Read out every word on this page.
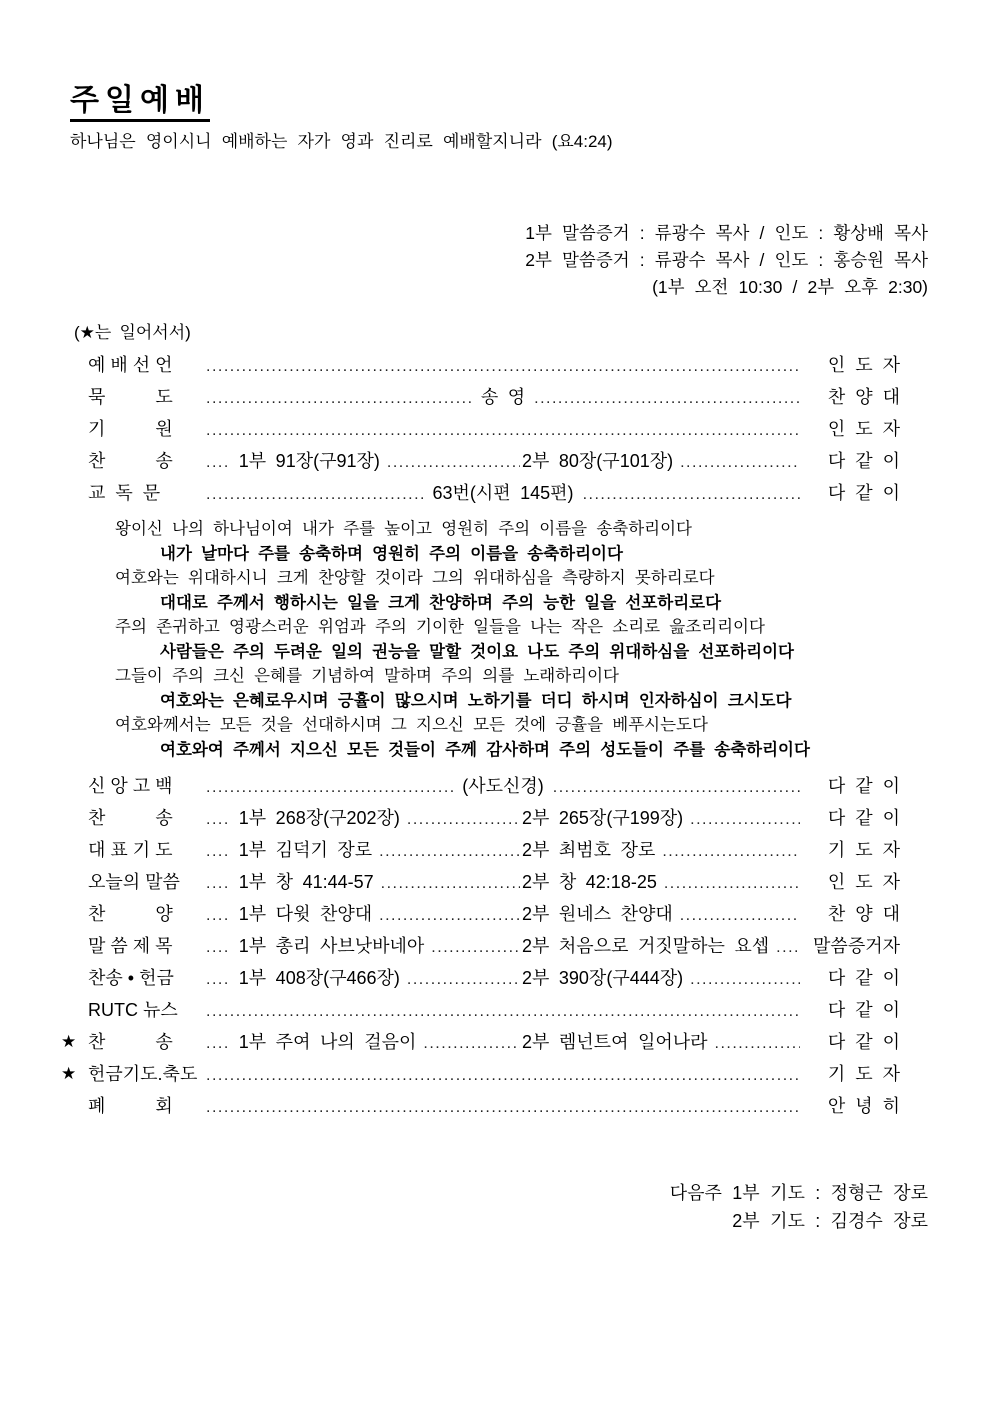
주일예배
하나님은 영이시니 예배하는 자가 영과 진리로 예배할지니라 (요4:24)
1부 말씀증거 : 류광수 목사 / 인도 : 황상배 목사
2부 말씀증거 : 류광수 목사 / 인도 : 홍승원 목사
(1부 오전 10:30 / 2부 오후 2:30)
(★는 일어서서)
예 배 선 언 .....	인  도  자
묵          도 .....	송 영 .....	찬  양  대
기          원 .....	인  도  자
찬          송	.... 1부 91장(구91장) .....	2부 80장(구101장) .....	다  같  이
교  독  문 .....	63번(시편 145편) .....	다  같  이
왕이신 나의 하나님이여 내가 주를 높이고 영원히 주의 이름을 송축하리이다
내가 날마다 주를 송축하며 영원히 주의 이름을 송축하리이다
여호와는 위대하시니 크게 찬양할 것이라 그의 위대하심을 측량하지 못하리로다
대대로 주께서 행하시는 일을 크게 찬양하며 주의 능한 일을 선포하리로다
주의 존귀하고 영광스러운 위엄과 주의 기이한 일들을 나는 작은 소리로 읊조리리이다
사람들은 주의 두려운 일의 권능을 말할 것이요 나도 주의 위대하심을 선포하리이다
그들이 주의 크신 은혜를 기념하여 말하며 주의 의를 노래하리이다
여호와는 은혜로우시며 긍휼이 많으시며 노하기를 더디 하시며 인자하심이 크시도다
여호와께서는 모든 것을 선대하시며 그 지으신 모든 것에 긍휼을 베푸시는도다
여호와여 주께서 지으신 모든 것들이 주께 감사하며 주의 성도들이 주를 송축하리이다
신 앙 고 백 .....	(사도신경) .....	다  같  이
찬          송	.... 1부 268장(구202장) .....	2부 265장(구199장) .....	다  같  이
대 표 기 도	.... 1부 김덕기 장로 .....	2부 최범호 장로 .....	기  도  자
오늘의 말씀	.... 1부 창 41:44-57 .....	2부 창 42:18-25 .....	인  도  자
찬          양	.... 1부 다윗 찬양대 .....	2부 원네스 찬양대 .....	찬  양  대
말 씀 제 목	.... 1부 총리 사브낫바네아 .....	2부 처음으로 거짓말하는 요셉 .....	말씀증거자
찬송 • 헌금	.... 1부 408장(구466장) .....	2부 390장(구444장) .....	다  같  이
RUTC 뉴스 .....	다  같  이
★ 찬          송	.... 1부 주여 나의 걸음이 .....	2부 렘넌트여 일어나라 .....	다  같  이
★ 헌금기도.축도 .....	기  도  자
폐          회 .....	안  녕  히
다음주 1부 기도 : 정형근 장로
2부 기도 : 김경수 장로
